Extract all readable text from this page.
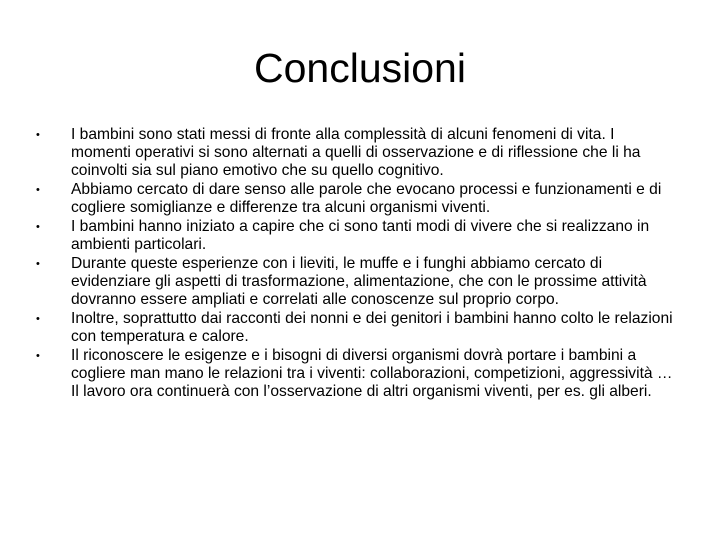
Conclusioni
• I bambini sono stati messi di fronte alla complessità di alcuni fenomeni di vita. I momenti operativi si sono alternati a quelli di osservazione e di riflessione che li ha coinvolti sia sul piano emotivo che su quello cognitivo.
• Abbiamo cercato di dare senso alle parole che evocano processi e funzionamenti e di cogliere somiglianze e differenze tra alcuni organismi viventi.
• I bambini hanno iniziato a capire che ci sono tanti modi di vivere che si realizzano in ambienti particolari.
• Durante queste esperienze con i lieviti, le muffe e i funghi abbiamo cercato di evidenziare gli aspetti di trasformazione, alimentazione, che con le prossime attività dovranno essere ampliati e correlati alle conoscenze sul proprio corpo.
• Inoltre, soprattutto dai racconti dei nonni e dei genitori i bambini hanno colto le relazioni con temperatura e calore.
• Il riconoscere le esigenze e i bisogni di diversi organismi dovrà portare i bambini a cogliere man mano le relazioni tra i viventi: collaborazioni, competizioni, aggressività … Il lavoro ora continuerà con l’osservazione di altri organismi viventi, per es. gli alberi.
